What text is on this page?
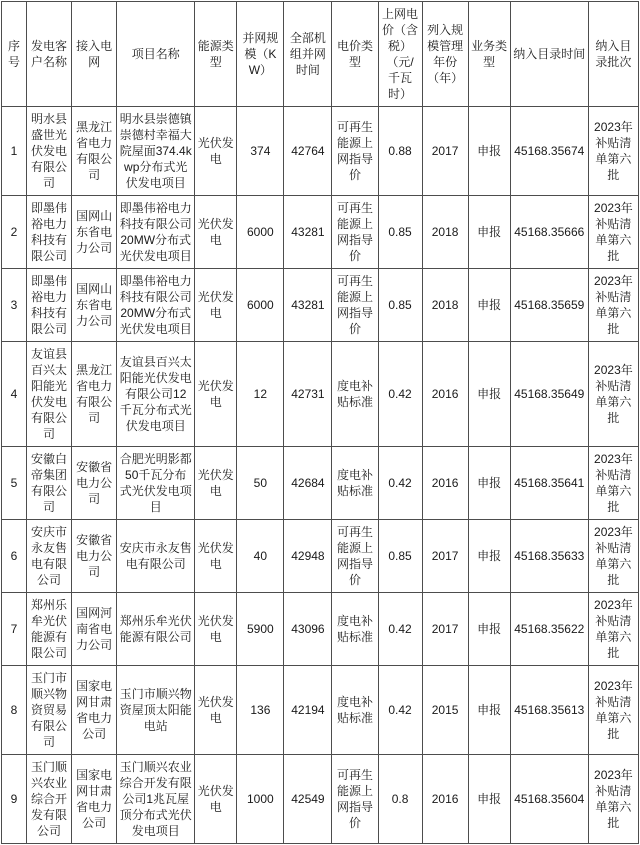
序号	发电客户名称	接入电网	项目名称	能源类型	并网规模（KW）	全部机组并网时间	电价类型	上网电价（含税）（元/千瓦时）	列入规模管理年份（年）	业务类型	纳入目录时间	纳入目录批次
1	明水县盛世光伏发电有限公司	黑龙江省电力有限公司	明水县崇德镇崇德村幸福大院屋面374.4kwp分布式光伏发电项目	光伏发电	374	42764	可再生能源上网指导价	0.88	2017	申报	45168.35674	2023年补贴清单第六批
2	即墨伟裕电力科技有限公司	国网山东省电力公司	即墨伟裕电力科技有限公司20MW分布式光伏发电项目	光伏发电	6000	43281	可再生能源上网指导价	0.85	2018	申报	45168.35666	2023年补贴清单第六批
3	即墨伟裕电力科技有限公司	国网山东省电力公司	即墨伟裕电力科技有限公司20MW分布式光伏发电项目	光伏发电	6000	43281	可再生能源上网指导价	0.85	2018	申报	45168.35659	2023年补贴清单第六批
4	友谊县百兴太阳能光伏发电有限公司	黑龙江省电力有限公司	友谊县百兴太阳能光伏发电有限公司12千瓦分布式光伏发电项目	光伏发电	12	42731	度电补贴标准	0.42	2016	申报	45168.35649	2023年补贴清单第六批
5	安徽白帝集团有限公司	安徽省电力公司	合肥光明影都50千瓦分布式光伏发电项目	光伏发电	50	42684	度电补贴标准	0.42	2016	申报	45168.35641	2023年补贴清单第六批
6	安庆市永友售电有限公司	安徽省电力公司	安庆市永友售电有限公司	光伏发电	40	42948	可再生能源上网指导价	0.85	2017	申报	45168.35633	2023年补贴清单第六批
7	郑州乐牟光伏能源有限公司	国网河南省电力公司	郑州乐牟光伏能源有限公司	光伏发电	5900	43096	度电补贴标准	0.42	2017	申报	45168.35622	2023年补贴清单第六批
8	玉门市顺兴物资贸易有限公司	国家电网甘肃省电力公司	玉门市顺兴物资屋顶太阳能电站	光伏发电	136	42194	度电补贴标准	0.42	2015	申报	45168.35613	2023年补贴清单第六批
9	玉门顺兴农业综合开发有限公司	国家电网甘肃省电力公司	玉门顺兴农业综合开发有限公司1兆瓦屋顶分布式光伏发电项目	光伏发电	1000	42549	可再生能源上网指导价	0.8	2016	申报	45168.35604	2023年补贴清单第六批
